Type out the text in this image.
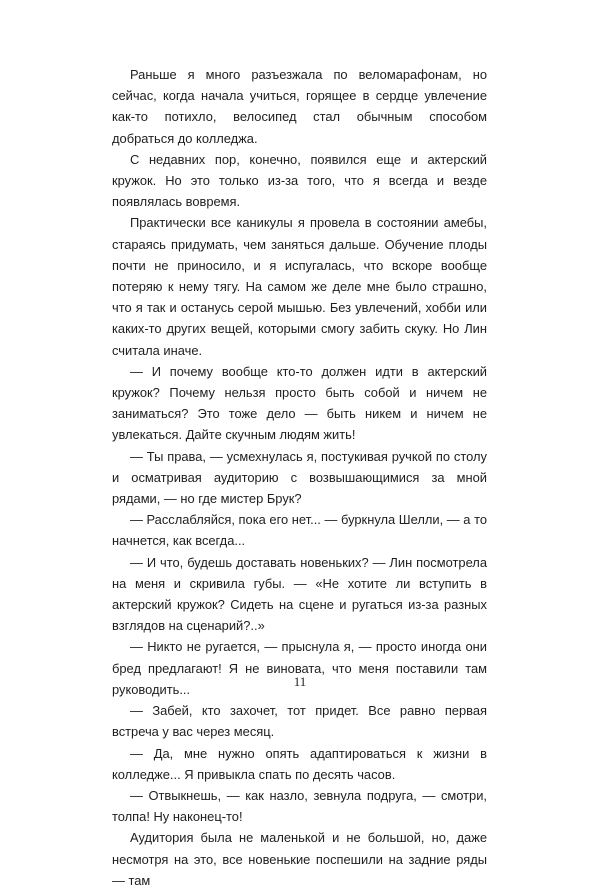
Раньше я много разъезжала по веломарафонам, но сейчас, когда начала учиться, горящее в сердце увлечение как-то потихло, велосипед стал обычным способом добраться до колледжа.

С недавних пор, конечно, появился еще и актерский кружок. Но это только из-за того, что я всегда и везде появлялась вовремя.

Практически все каникулы я провела в состоянии амебы, стараясь придумать, чем заняться дальше. Обучение плоды почти не приносило, и я испугалась, что вскоре вообще потеряю к нему тягу. На самом же деле мне было страшно, что я так и останусь серой мышью. Без увлечений, хобби или каких-то других вещей, которыми смогу забить скуку. Но Лин считала иначе.

— И почему вообще кто-то должен идти в актерский кружок? Почему нельзя просто быть собой и ничем не заниматься? Это тоже дело — быть никем и ничем не увлекаться. Дайте скучным людям жить!

— Ты права, — усмехнулась я, постукивая ручкой по столу и осматривая аудиторию с возвышающимися за мной рядами, — но где мистер Брук?

— Расслабляйся, пока его нет... — буркнула Шелли, — а то начнется, как всегда...

— И что, будешь доставать новеньких? — Лин посмотрела на меня и скривила губы. — «Не хотите ли вступить в актерский кружок? Сидеть на сцене и ругаться из-за разных взглядов на сценарий?..»

— Никто не ругается, — прыснула я, — просто иногда они бред предлагают! Я не виновата, что меня поставили там руководить...

— Забей, кто захочет, тот придет. Все равно первая встреча у вас через месяц.

— Да, мне нужно опять адаптироваться к жизни в колледже... Я привыкла спать по десять часов.

— Отвыкнешь, — как назло, зевнула подруга, — смотри, толпа! Ну наконец-то!

Аудитория была не маленькой и не большой, но, даже несмотря на это, все новенькие поспешили на задние ряды — там

11
